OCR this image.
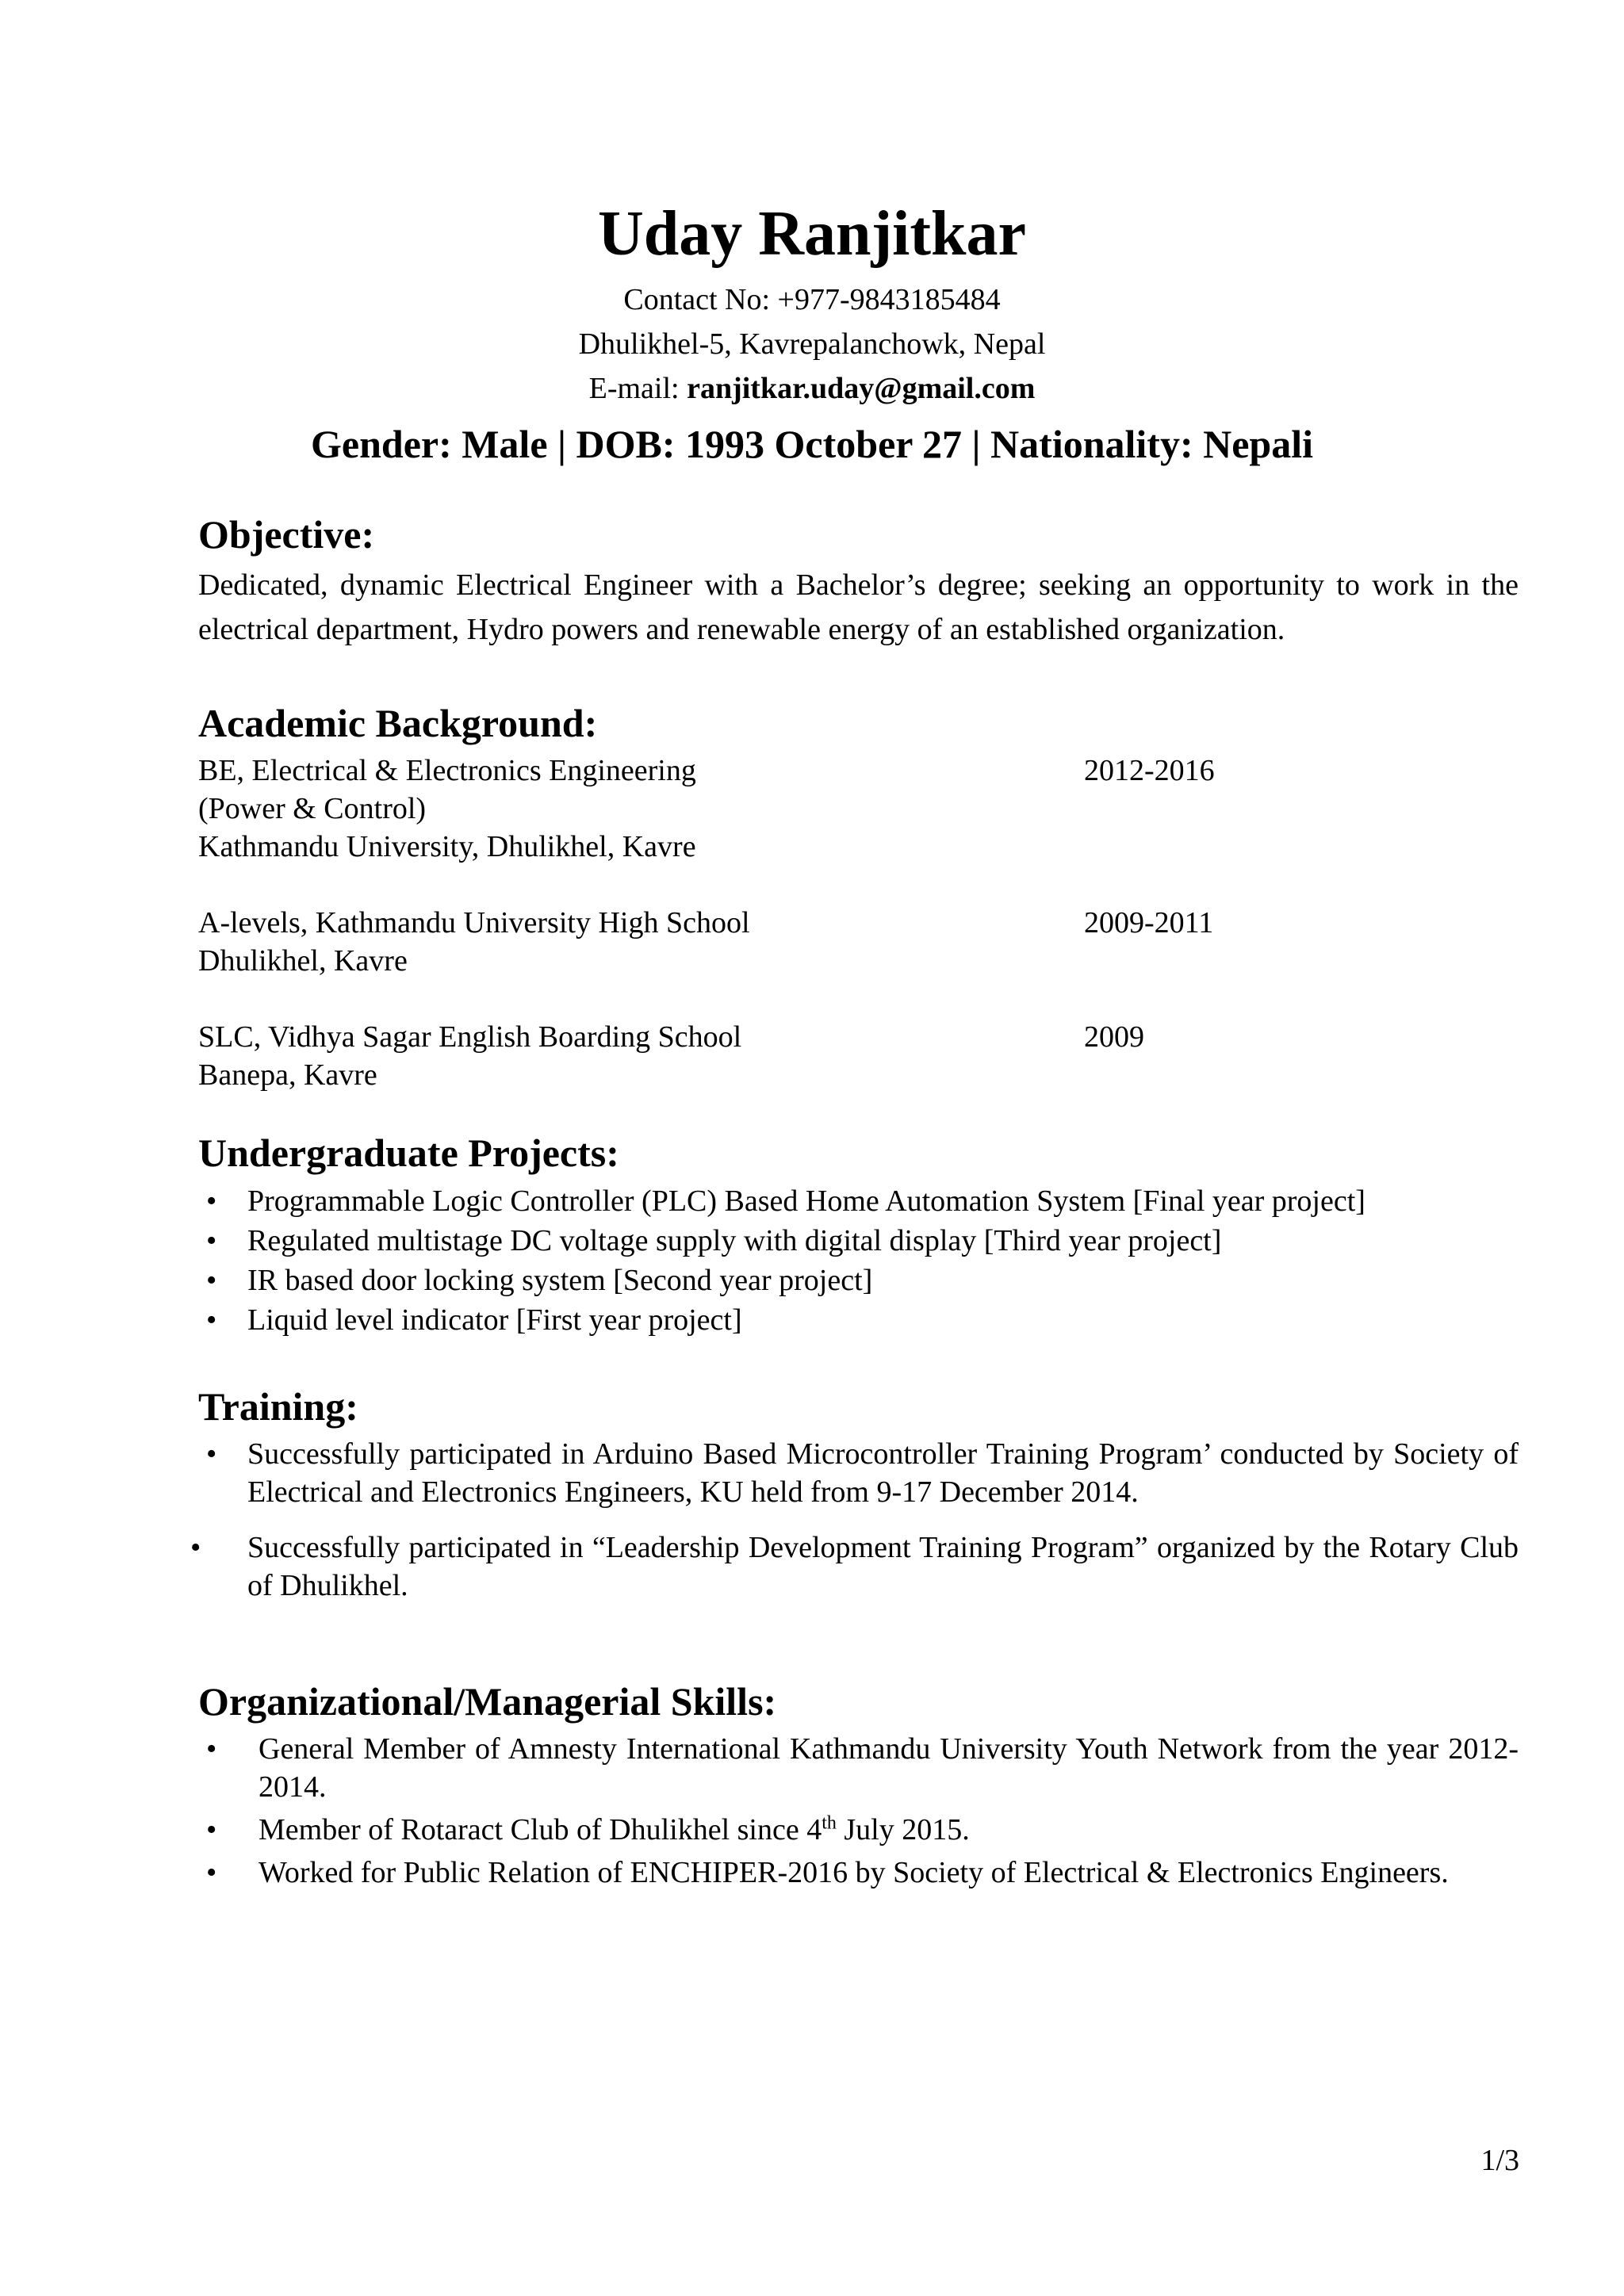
Uday Ranjitkar

Contact No: +977-9843185484

Dhulikhel-5, Kavrepalanchowk, Nepal

E-mail: ranjitkar.uday@gmail.com

Gender: Male | DOB: 1993 October 27 | Nationality: Nepali

Objective:

Dedicated, dynamic Electrical Engineer with a Bachelor’s degree; seeking an opportunity to work in the electrical department, Hydro powers and renewable energy of an established organization.

Academic Background:
BE, Electrical & Electronics Engineering
(Power & Control)
Kathmandu University, Dhulikhel, Kavre
2012-2016
A-levels, Kathmandu University High School
Dhulikhel, Kavre
2009-2011
SLC, Vidhya Sagar English Boarding School
Banepa, Kavre
2009
Undergraduate Projects:
• Programmable Logic Controller (PLC) Based Home Automation System [Final year project]
• Regulated multistage DC voltage supply with digital display [Third year project]
• IR based door locking system [Second year project]
• Liquid level indicator [First year project]
Training:
• Successfully participated in Arduino Based Microcontroller Training Program’ conducted by Society of Electrical and Electronics Engineers, KU held from 9-17 December 2014.
• Successfully participated in “Leadership Development Training Program” organized by the Rotary Club of Dhulikhel.
Organizational/Managerial Skills:
• General Member of Amnesty International Kathmandu University Youth Network from the year 2012- 2014.
• Member of Rotaract Club of Dhulikhel since 4th July 2015.
• Worked for Public Relation of ENCHIPER-2016 by Society of Electrical & Electronics Engineers.
1/3
